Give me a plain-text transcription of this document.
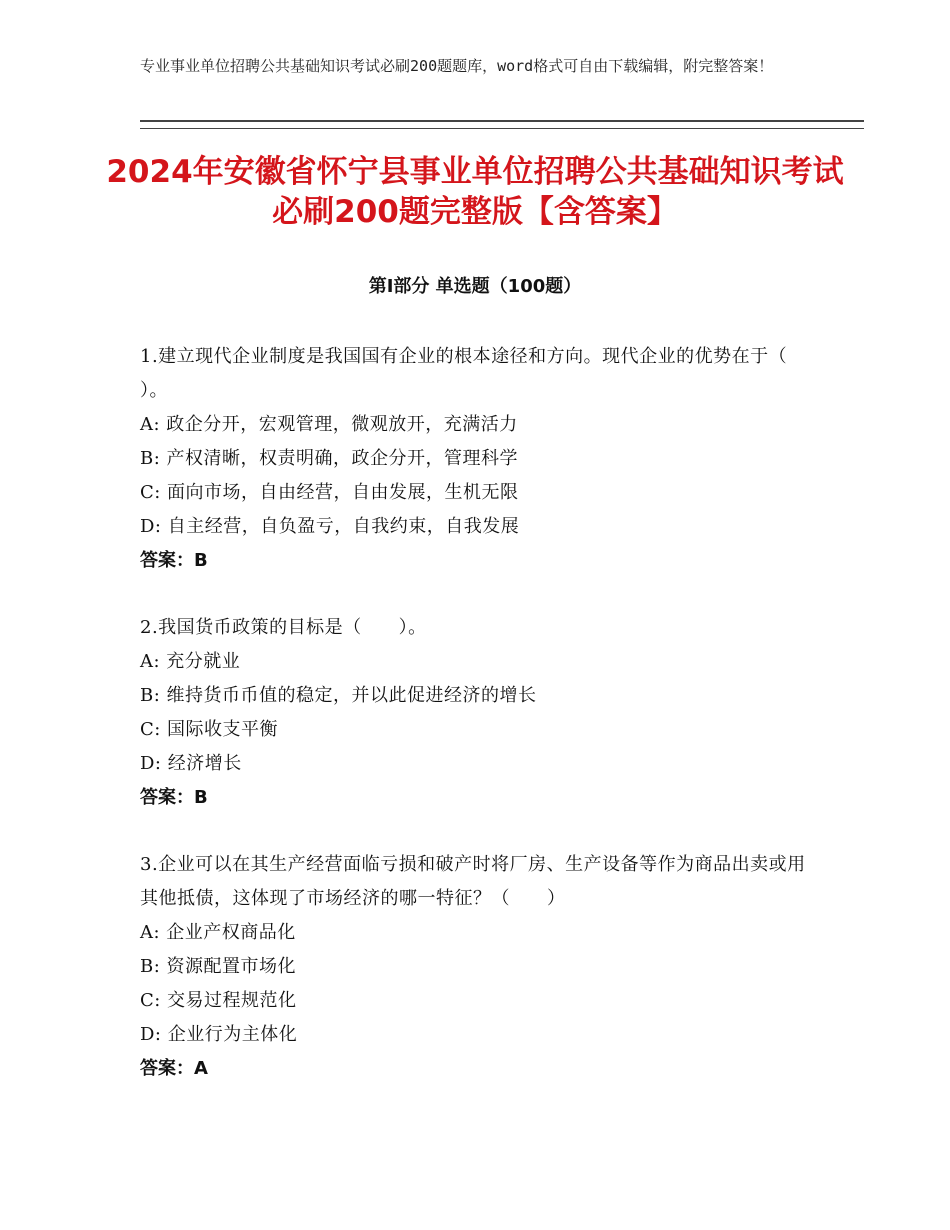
专业事业单位招聘公共基础知识考试必刷200题题库，word格式可自由下载编辑，附完整答案！
2024年安徽省怀宁县事业单位招聘公共基础知识考试必刷200题完整版【含答案】
第Ⅰ部分 单选题（100题）
1.建立现代企业制度是我国国有企业的根本途径和方向。现代企业的优势在于（ ）。
A: 政企分开，宏观管理，微观放开，充满活力
B: 产权清晰，权责明确，政企分开，管理科学
C: 面向市场，自由经营，自由发展，生机无限
D: 自主经营，自负盈亏，自我约束，自我发展
答案：B
2.我国货币政策的目标是（　　）。
A: 充分就业
B: 维持货币币值的稳定，并以此促进经济的增长
C: 国际收支平衡
D: 经济增长
答案：B
3.企业可以在其生产经营面临亏损和破产时将厂房、生产设备等作为商品出卖或用其他抵债，这体现了市场经济的哪一特征？（　　）
A: 企业产权商品化
B: 资源配置市场化
C: 交易过程规范化
D: 企业行为主体化
答案：A
